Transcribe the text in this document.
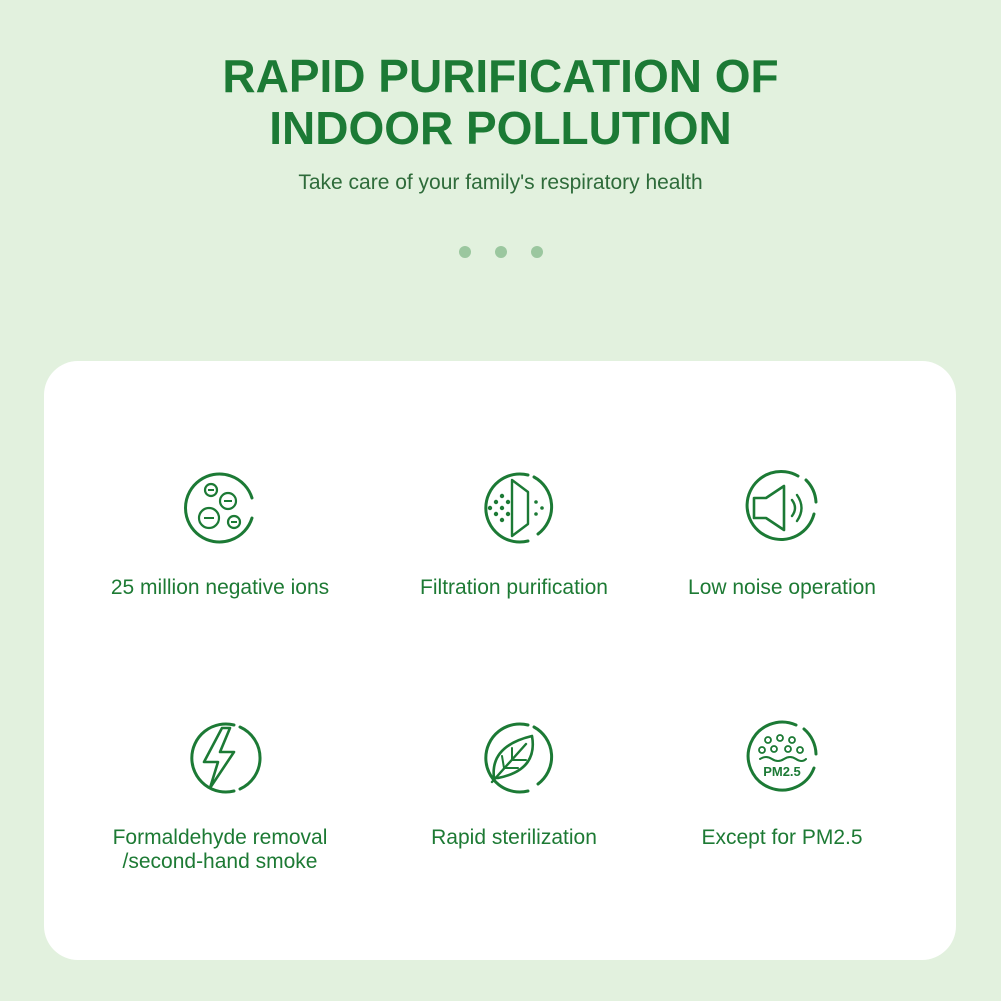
RAPID PURIFICATION OF
INDOOR POLLUTION

Take care of your family's respiratory health

25 million negative ions	Filtration purification	Low noise operation
Formaldehyde removal
/second-hand smoke
Rapid sterilization
PM2.5
Except for PM2.5
